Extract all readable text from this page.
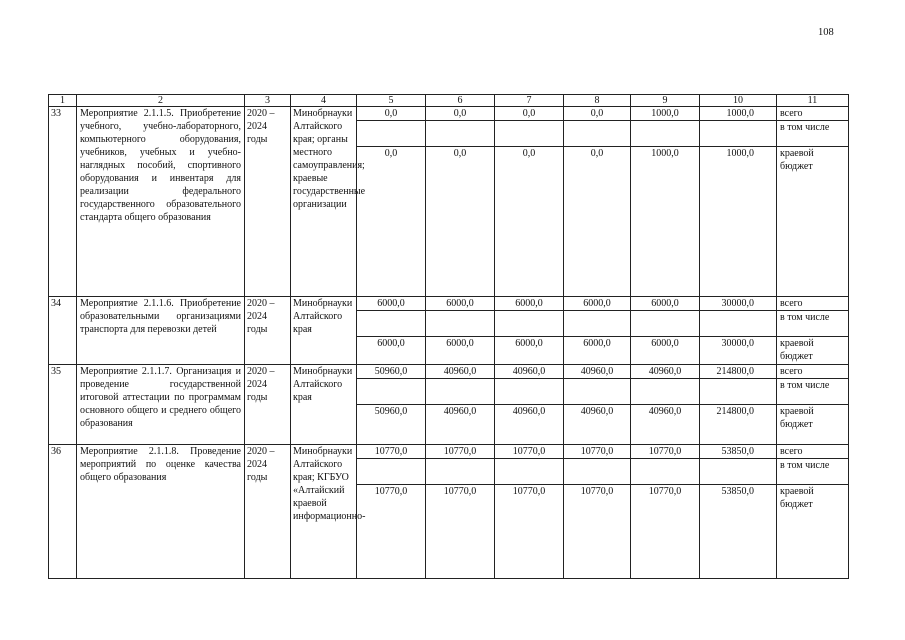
108
1	2	3	4	5	6	7	8	9	10	11
33	Мероприятие 2.1.1.5. Приобретение учебного, учебно-лабораторного, компьютерного оборудования, учебников, учебных и учебно-наглядных пособий, спортивного оборудования и инвентаря для реализации федерального государственного образовательного стандарта общего образования	2020 – 2024 годы	Минобрнауки Алтайского края; органы местного самоуправления; краевые государственные организации	0,0	0,0	0,0	0,0	1000,0	1000,0	всего
										в том числе
				0,0	0,0	0,0	0,0	1000,0	1000,0	краевой бюджет
34	Мероприятие 2.1.1.6. Приобретение образовательными организациями транспорта для перевозки детей	2020 – 2024 годы	Минобрнауки Алтайского края	6000,0	6000,0	6000,0	6000,0	6000,0	30000,0	всего
										в том числе
				6000,0	6000,0	6000,0	6000,0	6000,0	30000,0	краевой бюджет
35	Мероприятие 2.1.1.7. Организация и проведение государственной итоговой аттестации по программам основного общего и среднего общего образования	2020 – 2024 годы	Минобрнауки Алтайского края	50960,0	40960,0	40960,0	40960,0	40960,0	214800,0	всего
										в том числе
				50960,0	40960,0	40960,0	40960,0	40960,0	214800,0	краевой бюджет
36	Мероприятие 2.1.1.8. Проведение мероприятий по оценке качества общего образования	2020 – 2024 годы	Минобрнауки Алтайского края; КГБУО «Алтайский краевой информационно-	10770,0	10770,0	10770,0	10770,0	10770,0	53850,0	всего
										в том числе
				10770,0	10770,0	10770,0	10770,0	10770,0	53850,0	краевой бюджет
